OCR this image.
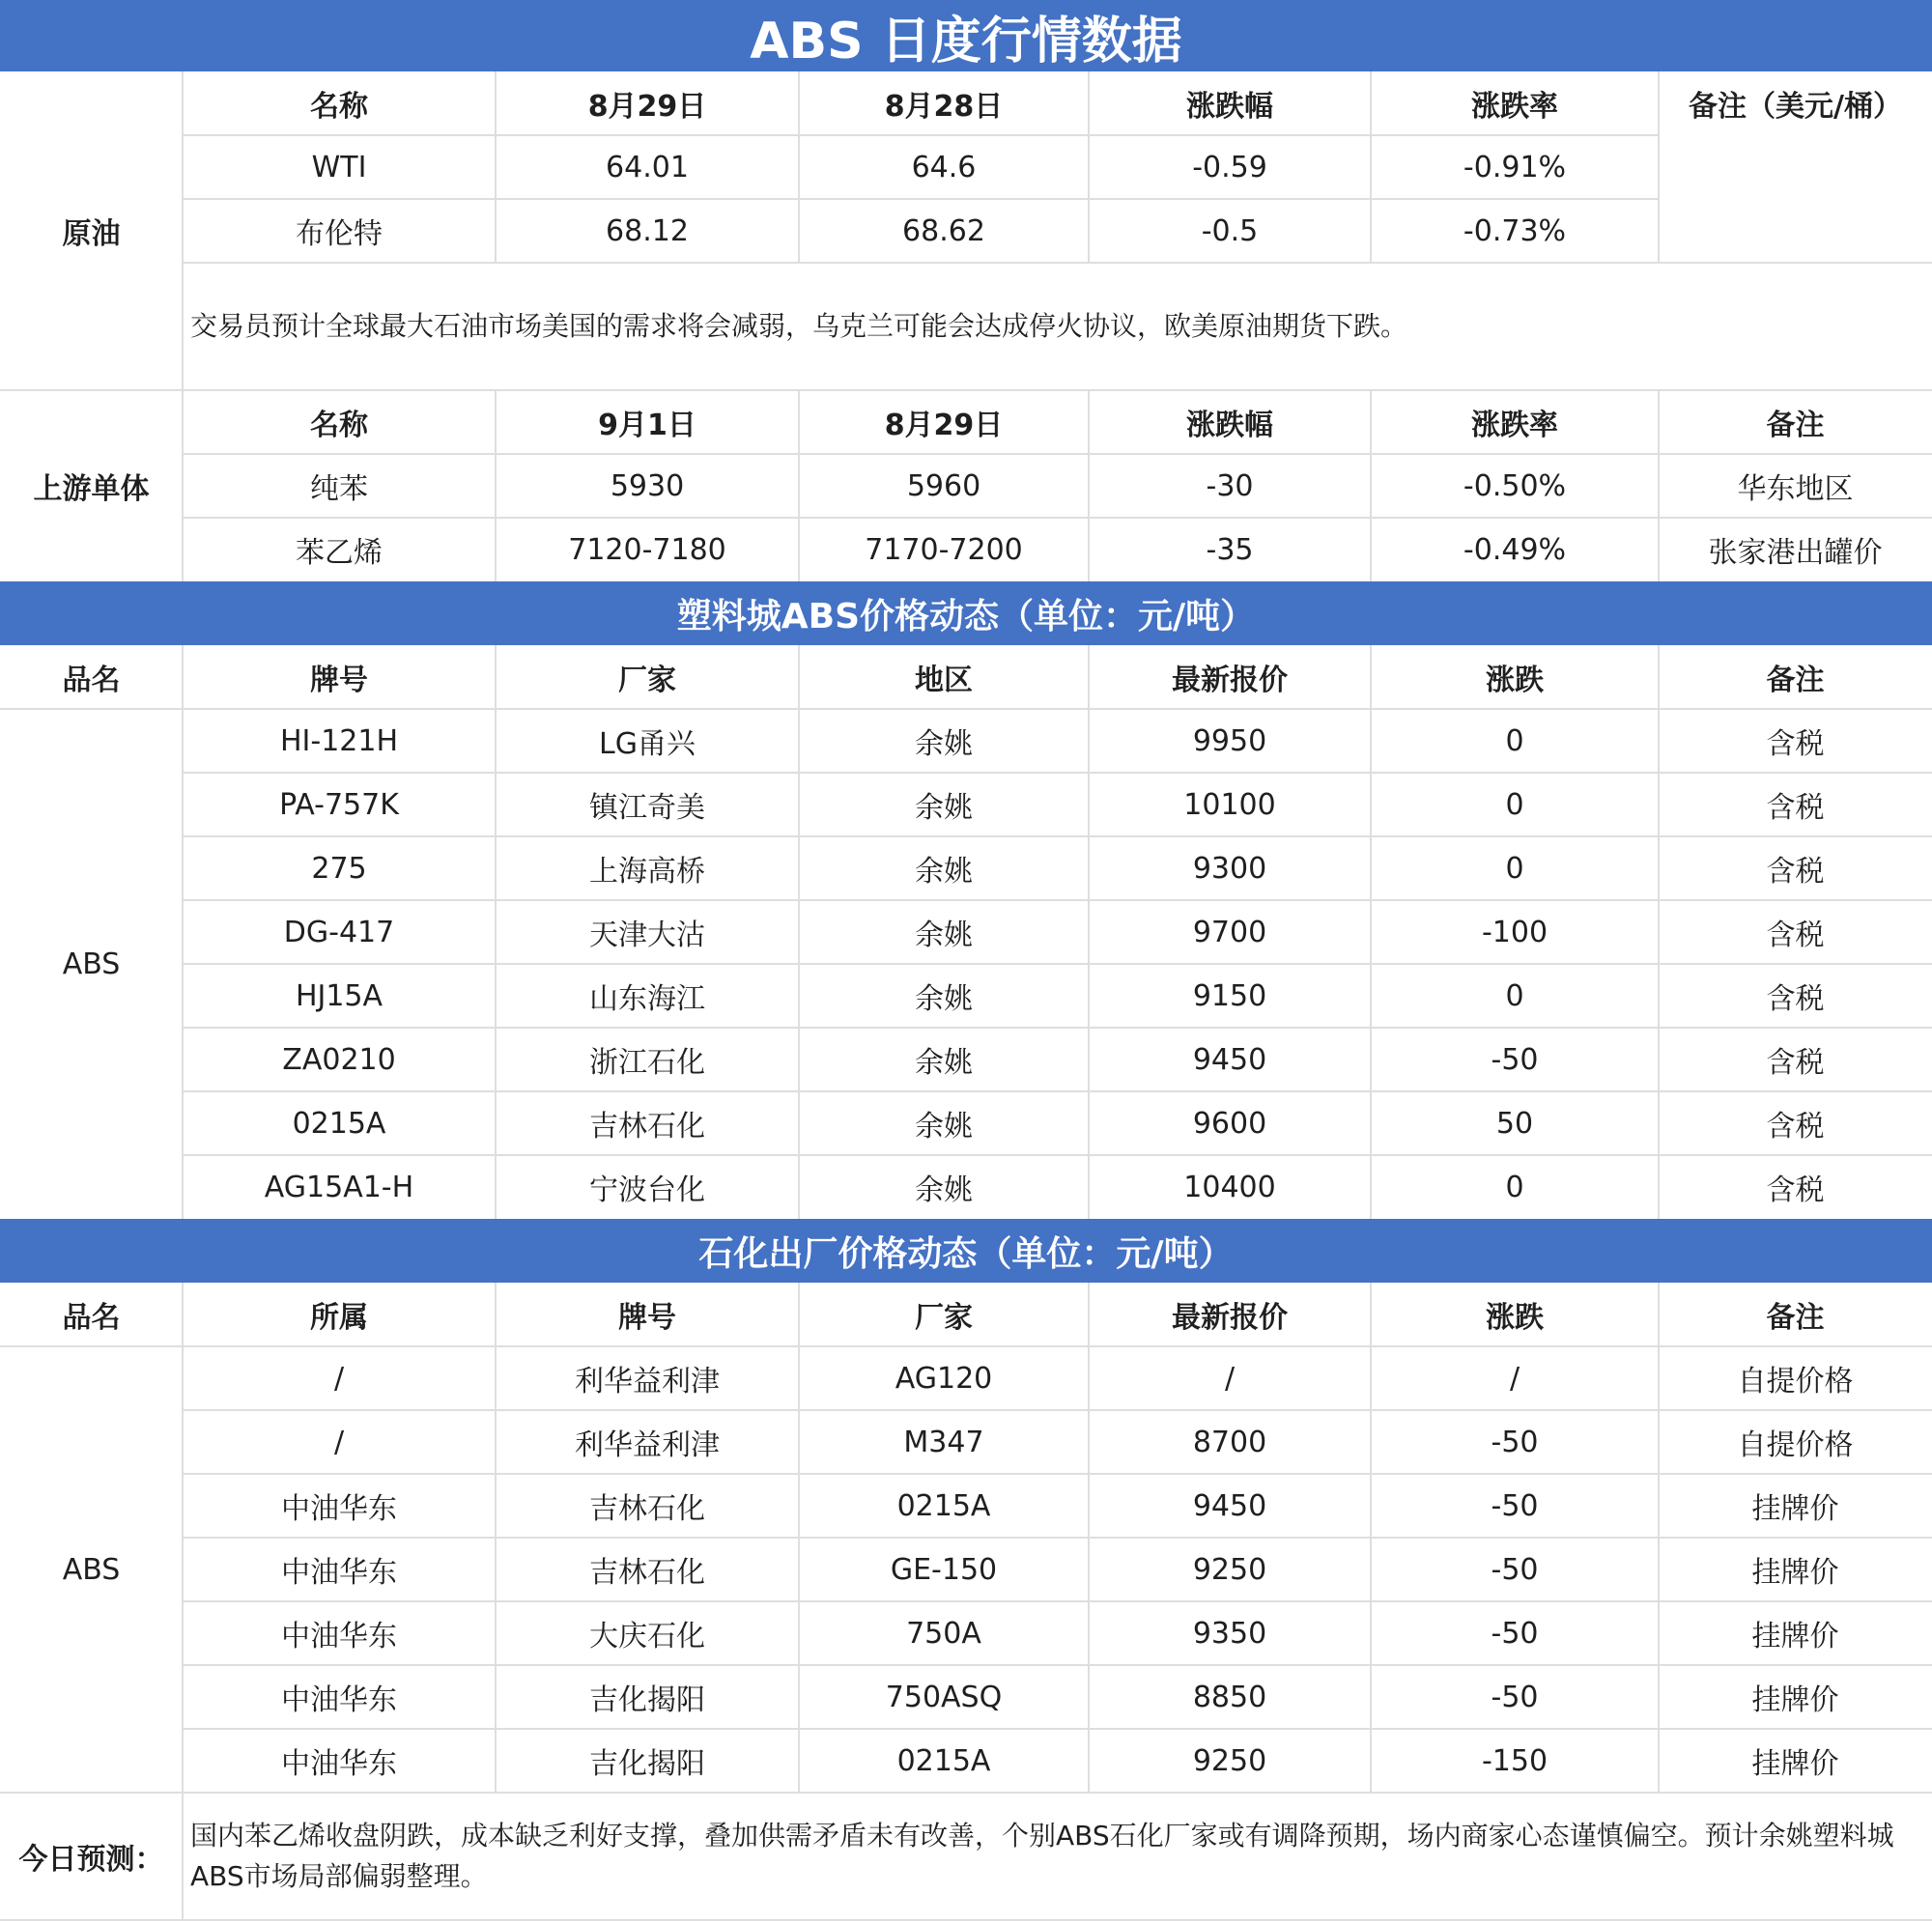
ABS 日度行情数据
原油
名称	8月29日	8月28日	涨跌幅	涨跌率	备注（美元/桶）
WTI	64.01	64.6	-0.59	-0.91%
布伦特	68.12	68.62	-0.5	-0.73%
交易员预计全球最大石油市场美国的需求将会减弱，乌克兰可能会达成停火协议，欧美原油期货下跌。
上游单体
名称	9月1日	8月29日	涨跌幅	涨跌率	备注
纯苯	5930	5960	-30	-0.50%	华东地区
苯乙烯	7120-7180	7170-7200	-35	-0.49%	张家港出罐价
塑料城ABS价格动态（单位：元/吨）
品名	牌号	厂家	地区	最新报价	涨跌	备注
ABS
HI-121H	LG甬兴	余姚	9950	0	含税
PA-757K	镇江奇美	余姚	10100	0	含税
275	上海高桥	余姚	9300	0	含税
DG-417	天津大沽	余姚	9700	-100	含税
HJ15A	山东海江	余姚	9150	0	含税
ZA0210	浙江石化	余姚	9450	-50	含税
0215A	吉林石化	余姚	9600	50	含税
AG15A1-H	宁波台化	余姚	10400	0	含税
石化出厂价格动态（单位：元/吨）
品名	所属	牌号	厂家	最新报价	涨跌	备注
ABS
/	利华益利津	AG120	/	/	自提价格
/	利华益利津	M347	8700	-50	自提价格
中油华东	吉林石化	0215A	9450	-50	挂牌价
中油华东	吉林石化	GE-150	9250	-50	挂牌价
中油华东	大庆石化	750A	9350	-50	挂牌价
中油华东	吉化揭阳	750ASQ	8850	-50	挂牌价
中油华东	吉化揭阳	0215A	9250	-150	挂牌价
今日预测：
国内苯乙烯收盘阴跌，成本缺乏利好支撑，叠加供需矛盾未有改善，个别ABS石化厂家或有调降预期，场内商家心态谨慎偏空。预计余姚塑料城ABS市场局部偏弱整理。
